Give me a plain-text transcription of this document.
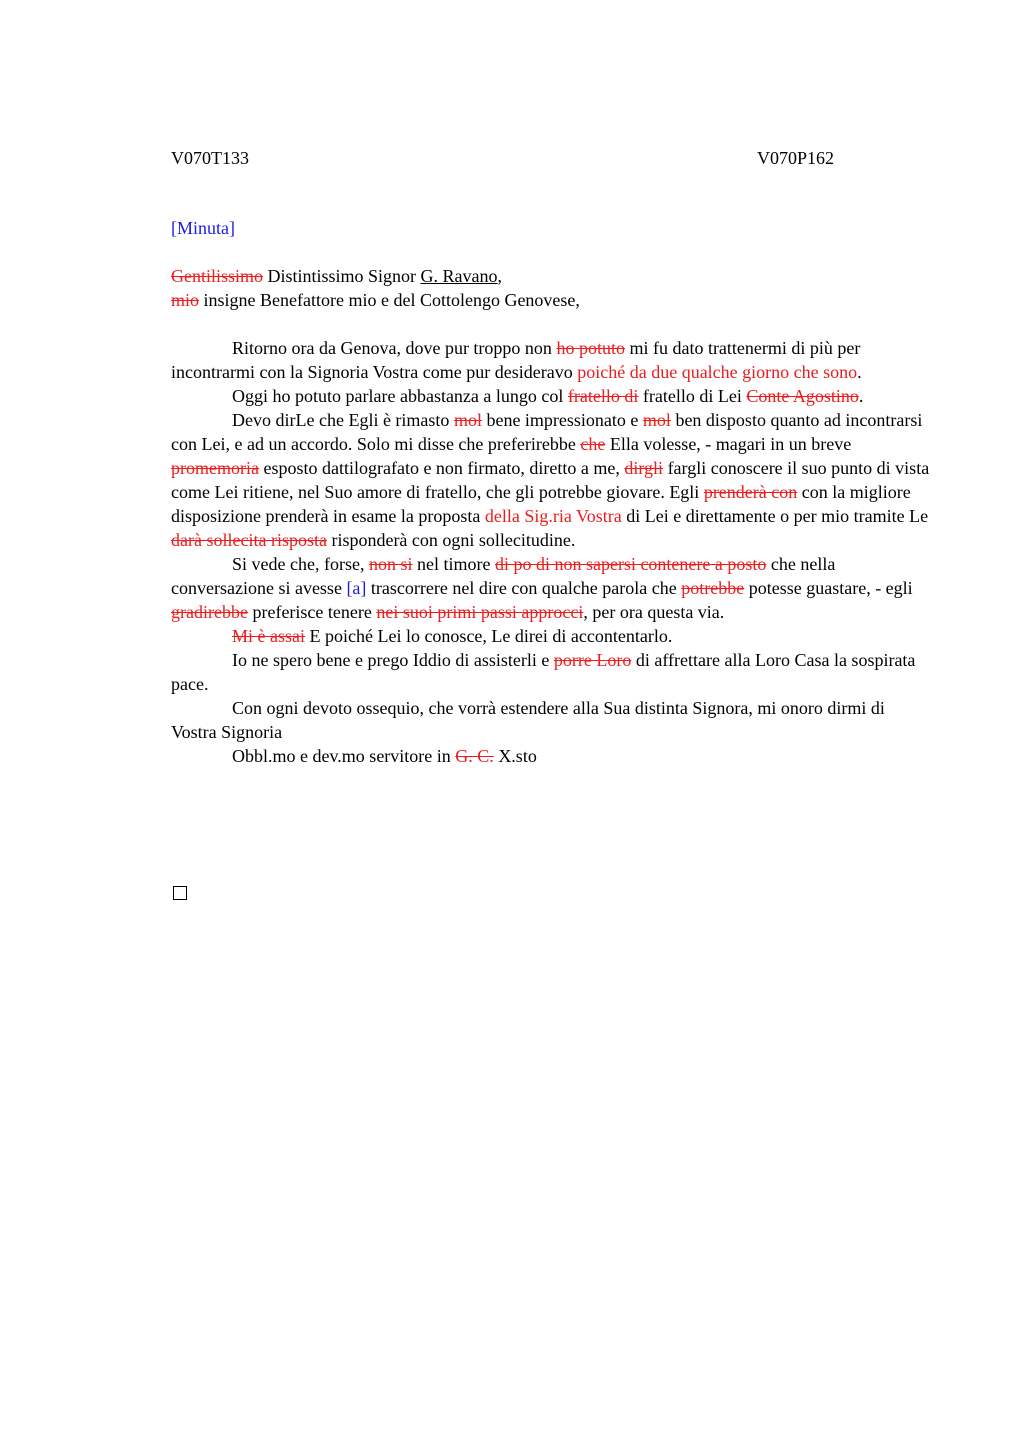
V070T133	V070P162

[Minuta]

Gentilissimo Distintissimo Signor G. Ravano,

mio insigne Benefattore mio e del Cottolengo Genovese,

Ritorno ora da Genova, dove pur troppo non ho potuto mi fu dato trattenermi di più per incontrarmi con la Signoria Vostra come pur desideravo poiché da due qualche giorno che sono.

Oggi ho potuto parlare abbastanza a lungo col fratello di fratello di Lei Conte Agostino.

Devo dirLe che Egli è rimasto mol bene impressionato e mol ben disposto quanto ad incontrarsi con Lei, e ad un accordo. Solo mi disse che preferirebbe che Ella volesse, - magari in un breve promemoria esposto dattilografato e non firmato, diretto a me, dirgli fargli conoscere il suo punto di vista come Lei ritiene, nel Suo amore di fratello, che gli potrebbe giovare. Egli prenderà con con la migliore disposizione prenderà in esame la proposta della Sig.ria Vostra di Lei e direttamente o per mio tramite Le darà sollecita risposta risponderà con ogni sollecitudine.

Si vede che, forse, non si nel timore di po di non sapersi contenere a posto che nella conversazione si avesse [a] trascorrere nel dire con qualche parola che potrebbe potesse guastare, - egli gradirebbe preferisce tenere nei suoi primi passi approcci, per ora questa via.

Mi è assai E poiché Lei lo conosce, Le direi di accontentarlo.

Io ne spero bene e prego Iddio di assisterli e porre Loro di affrettare alla Loro Casa la sospirata pace.

Con ogni devoto ossequio, che vorrà estendere alla Sua distinta Signora, mi onoro dirmi di Vostra Signoria

Obbl.mo e dev.mo servitore in G. C. X.sto
